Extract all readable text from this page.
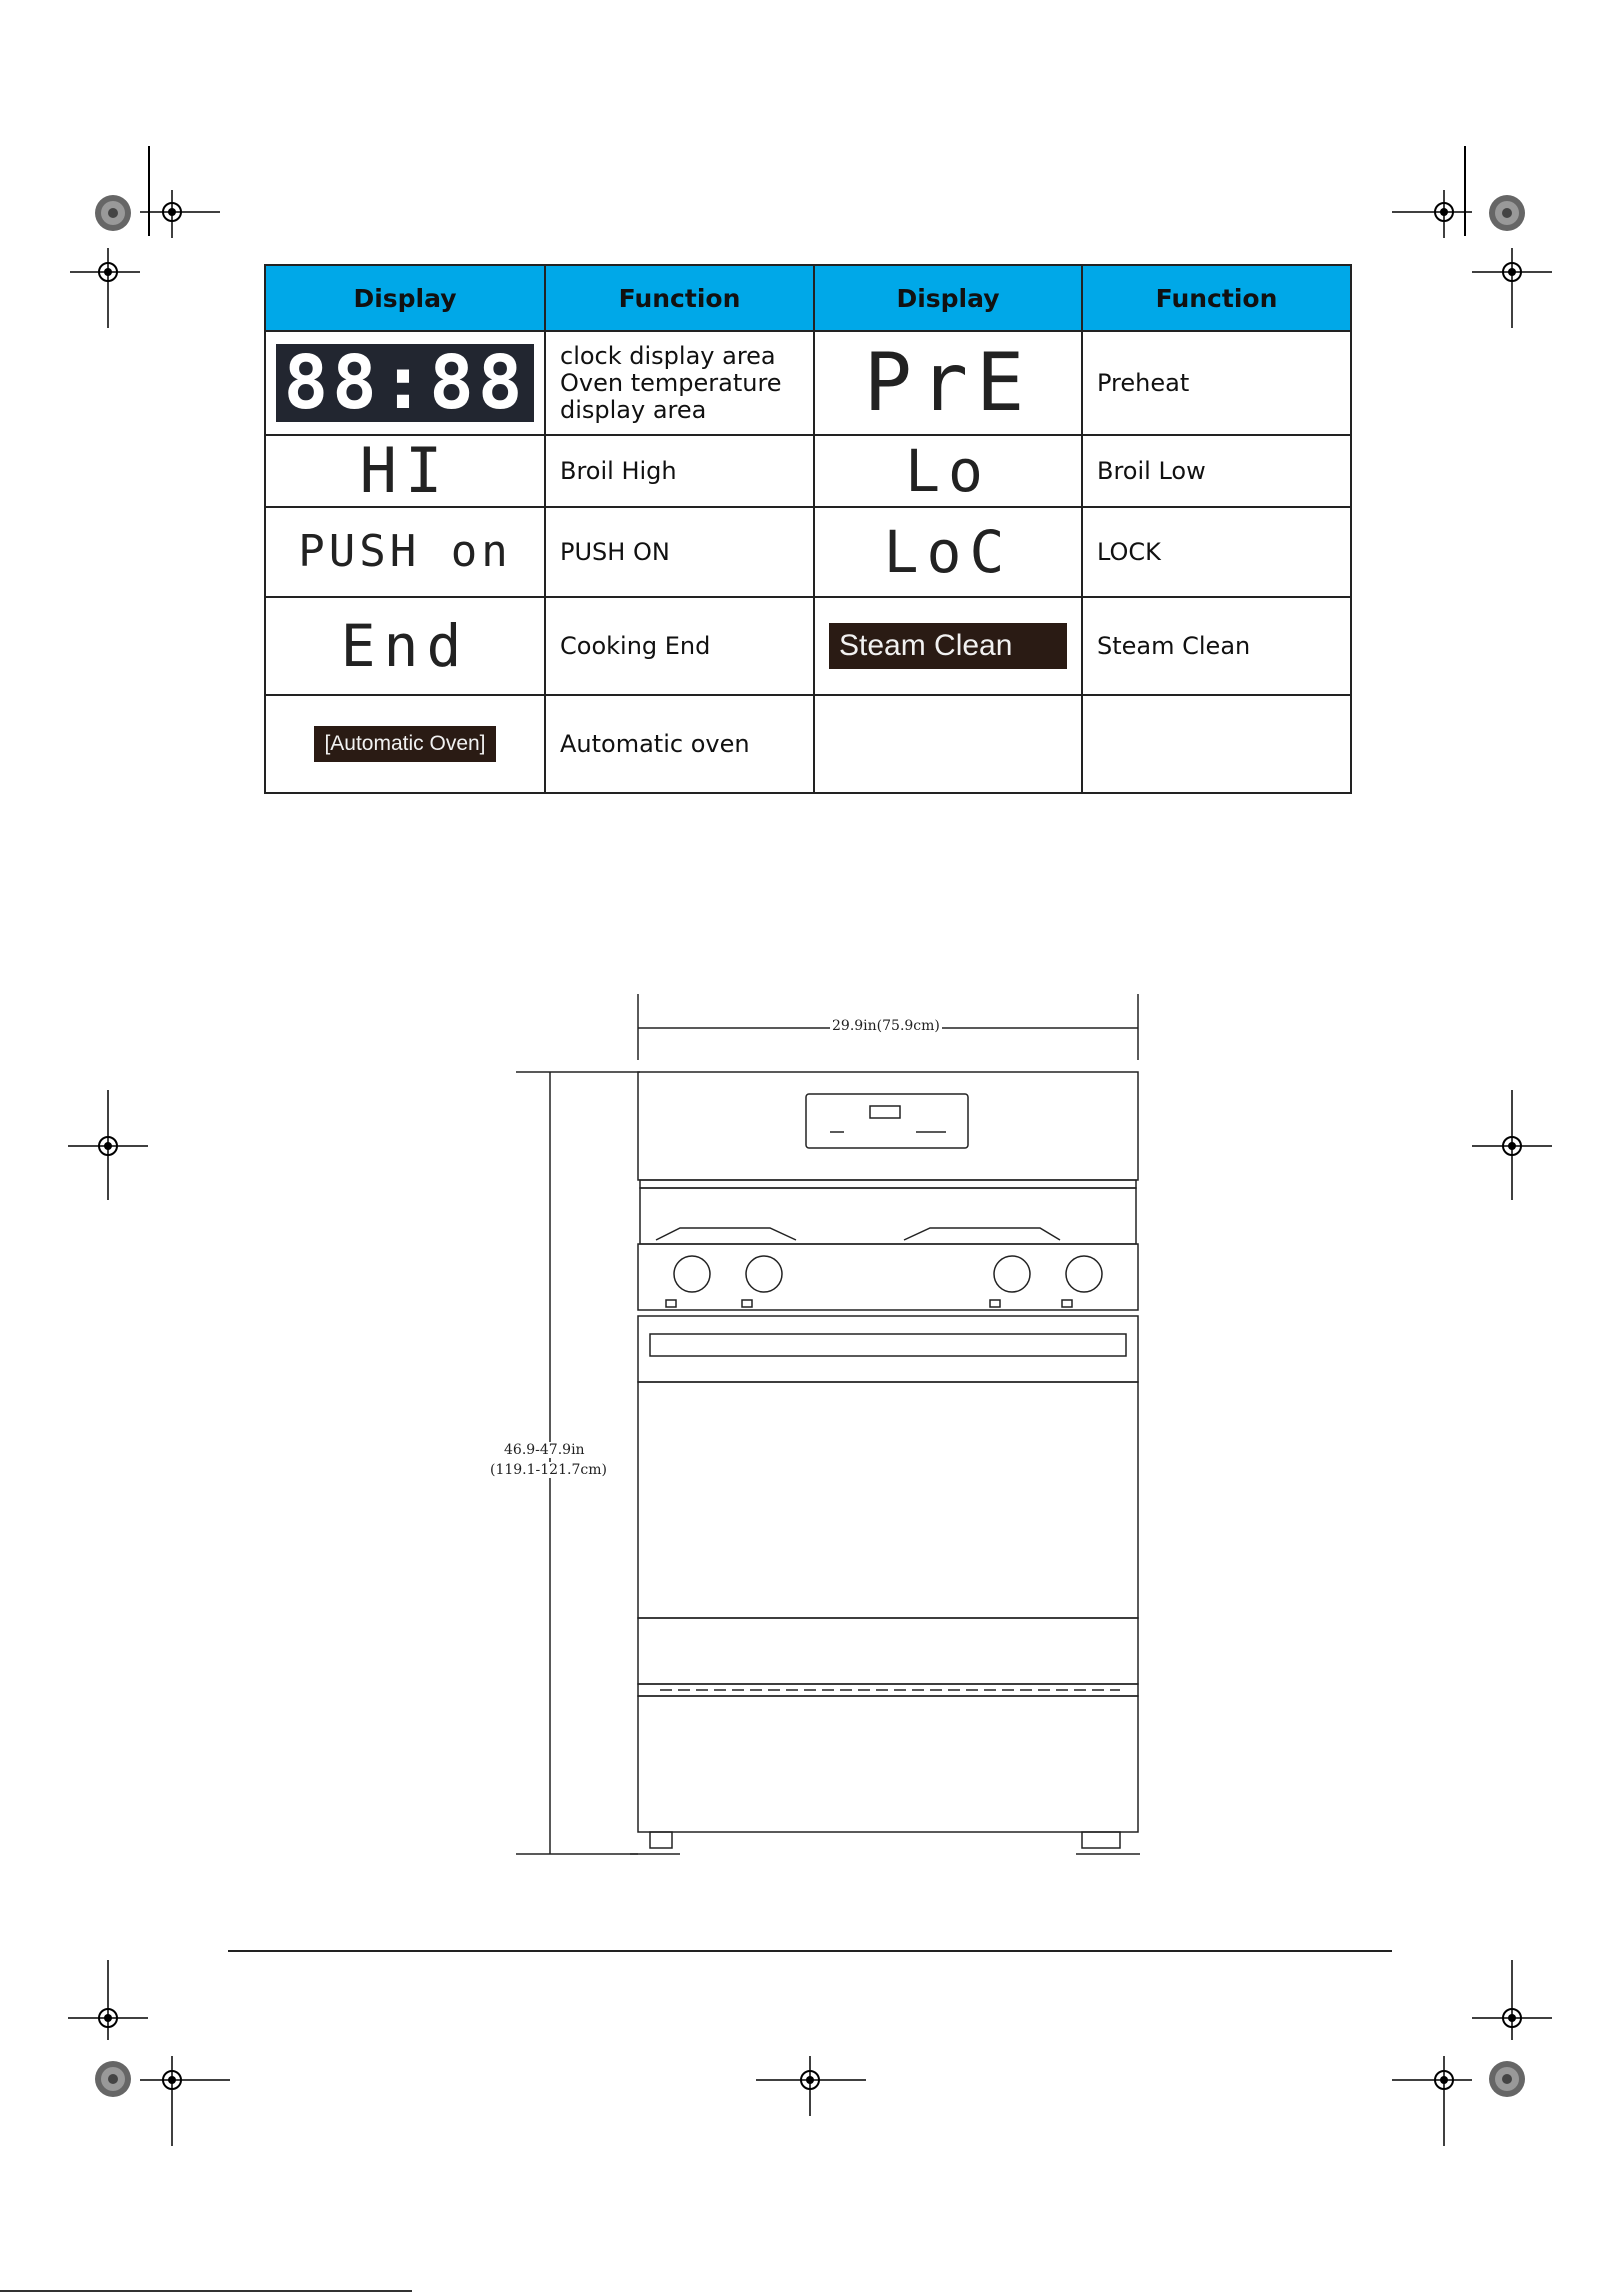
Display	Function	Display	Function
88:88	clock display area
Oven temperature
display area	PrE	Preheat
HI	Broil High	Lo	Broil Low
PUSH on	PUSH ON	LoC	LOCK
End	Cooking End	Steam Clean	Steam Clean
[Automatic Oven]	Automatic oven		
29.9in(75.9cm)
46.9-47.9in
(119.1-121.7cm)
